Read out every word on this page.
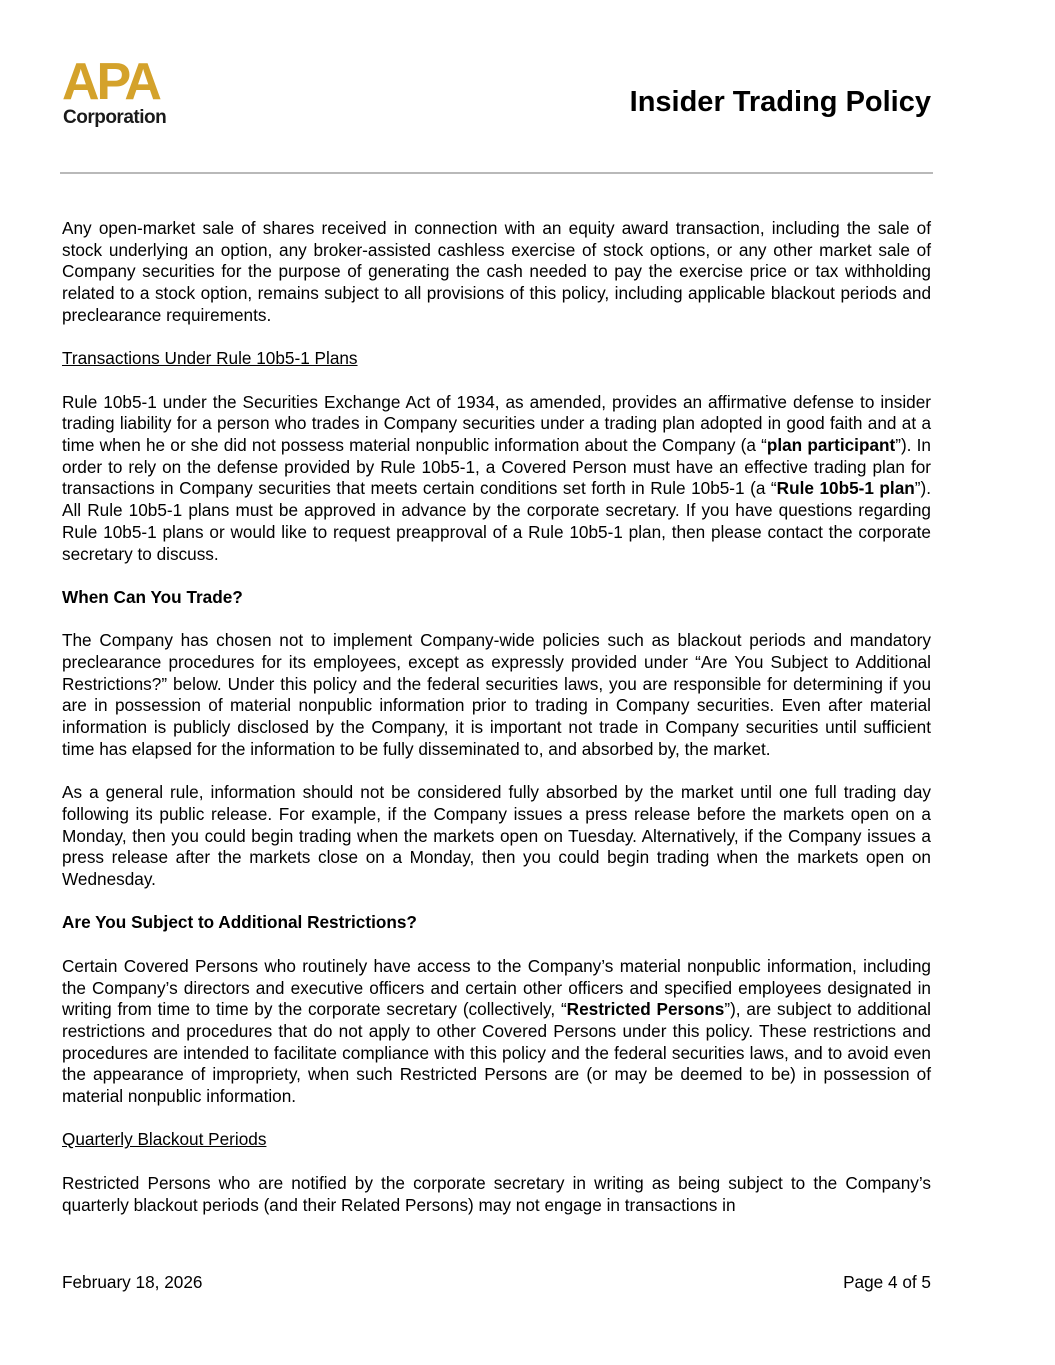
APA
Corporation	Insider Trading Policy

Any open-market sale of shares received in connection with an equity award transaction, including the sale of stock underlying an option, any broker-assisted cashless exercise of stock options, or any other market sale of Company securities for the purpose of generating the cash needed to pay the exercise price or tax withholding related to a stock option, remains subject to all provisions of this policy, including applicable blackout periods and preclearance requirements.

Transactions Under Rule 10b5-1 Plans

Rule 10b5-1 under the Securities Exchange Act of 1934, as amended, provides an affirmative defense to insider trading liability for a person who trades in Company securities under a trading plan adopted in good faith and at a time when he or she did not possess material nonpublic information about the Company (a “plan participant”). In order to rely on the defense provided by Rule 10b5-1, a Covered Person must have an effective trading plan for transactions in Company securities that meets certain conditions set forth in Rule 10b5-1 (a “Rule 10b5-1 plan”). All Rule 10b5-1 plans must be approved in advance by the corporate secretary. If you have questions regarding Rule 10b5-1 plans or would like to request preapproval of a Rule 10b5-1 plan, then please contact the corporate secretary to discuss.

When Can You Trade?

The Company has chosen not to implement Company-wide policies such as blackout periods and mandatory preclearance procedures for its employees, except as expressly provided under “Are You Subject to Additional Restrictions?” below. Under this policy and the federal securities laws, you are responsible for determining if you are in possession of material nonpublic information prior to trading in Company securities. Even after material information is publicly disclosed by the Company, it is important not trade in Company securities until sufficient time has elapsed for the information to be fully disseminated to, and absorbed by, the market.

As a general rule, information should not be considered fully absorbed by the market until one full trading day following its public release. For example, if the Company issues a press release before the markets open on a Monday, then you could begin trading when the markets open on Tuesday. Alternatively, if the Company issues a press release after the markets close on a Monday, then you could begin trading when the markets open on Wednesday.

Are You Subject to Additional Restrictions?

Certain Covered Persons who routinely have access to the Company’s material nonpublic information, including the Company’s directors and executive officers and certain other officers and specified employees designated in writing from time to time by the corporate secretary (collectively, “Restricted Persons”), are subject to additional restrictions and procedures that do not apply to other Covered Persons under this policy. These restrictions and procedures are intended to facilitate compliance with this policy and the federal securities laws, and to avoid even the appearance of impropriety, when such Restricted Persons are (or may be deemed to be) in possession of material nonpublic information.

Quarterly Blackout Periods

Restricted Persons who are notified by the corporate secretary in writing as being subject to the Company’s quarterly blackout periods (and their Related Persons) may not engage in transactions in

February 18, 2026	Page 4 of 5
